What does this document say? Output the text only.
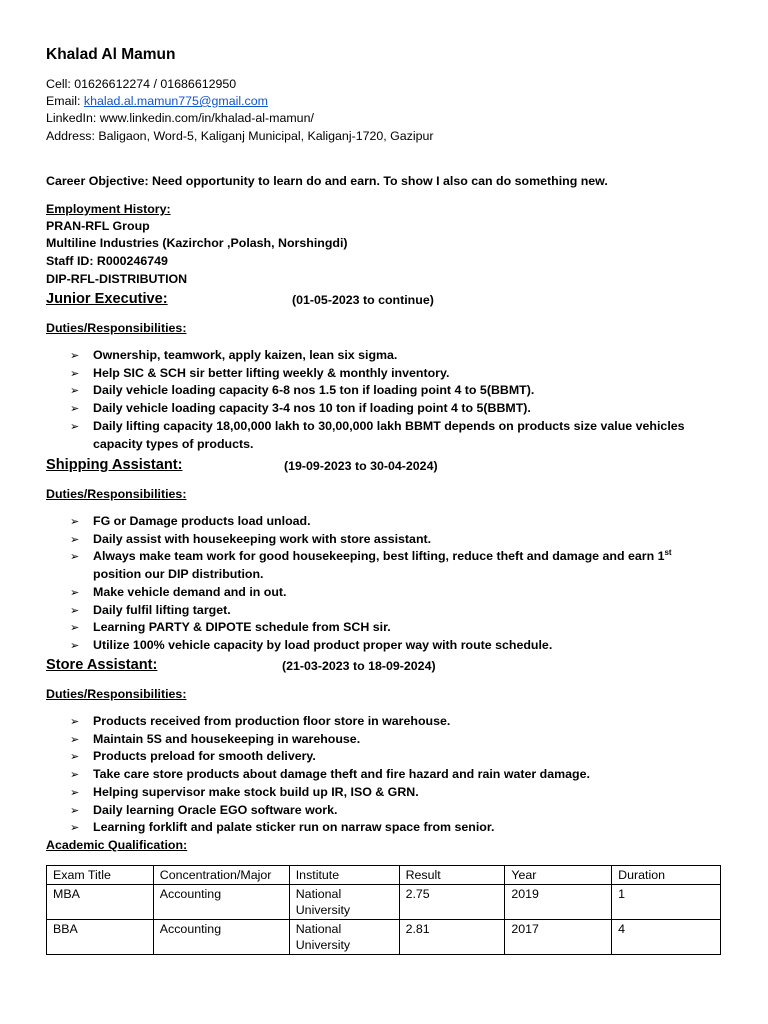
Khalad Al Mamun
Cell: 01626612274 / 01686612950
Email: khalad.al.mamun775@gmail.com
LinkedIn: www.linkedin.com/in/khalad-al-mamun/
Address: Baligaon, Word-5, Kaliganj Municipal, Kaliganj-1720, Gazipur
Career Objective: Need opportunity to learn do and earn. To show I also can do something new.
Employment History:
PRAN-RFL Group
Multiline Industries (Kazirchor ,Polash, Norshingdi)
Staff ID: R000246749
DIP-RFL-DISTRIBUTION
Junior Executive:	(01-05-2023 to continue)
Duties/Responsibilities:
➢ Ownership, teamwork, apply kaizen, lean six sigma.
➢ Help SIC & SCH sir better lifting weekly & monthly inventory.
➢ Daily vehicle loading capacity 6-8 nos 1.5 ton if loading point 4 to 5(BBMT).
➢ Daily vehicle loading capacity 3-4 nos 10 ton if loading point 4 to 5(BBMT).
➢ Daily lifting capacity 18,00,000 lakh to 30,00,000 lakh BBMT depends on products size value vehicles capacity types of products.
Shipping Assistant:	(19-09-2023 to 30-04-2024)
Duties/Responsibilities:
➢ FG or Damage products load unload.
➢ Daily assist with housekeeping work with store assistant.
➢ Always make team work for good housekeeping, best lifting, reduce theft and damage and earn 1st position our DIP distribution.
➢ Make vehicle demand and in out.
➢ Daily fulfil lifting target.
➢ Learning PARTY & DIPOTE schedule from SCH sir.
➢ Utilize 100% vehicle capacity by load product proper way with route schedule.
Store Assistant:	(21-03-2023 to 18-09-2024)
Duties/Responsibilities:
➢ Products received from production floor store in warehouse.
➢ Maintain 5S and housekeeping in warehouse.
➢ Products preload for smooth delivery.
➢ Take care store products about damage theft and fire hazard and rain water damage.
➢ Helping supervisor make stock build up IR, ISO & GRN.
➢ Daily learning Oracle EGO software work.
➢ Learning forklift and palate sticker run on narraw space from senior.
Academic Qualification:
Exam Title	Concentration/Major	Institute	Result	Year	Duration
MBA	Accounting	National University	2.75	2019	1
BBA	Accounting	National University	2.81	2017	4
